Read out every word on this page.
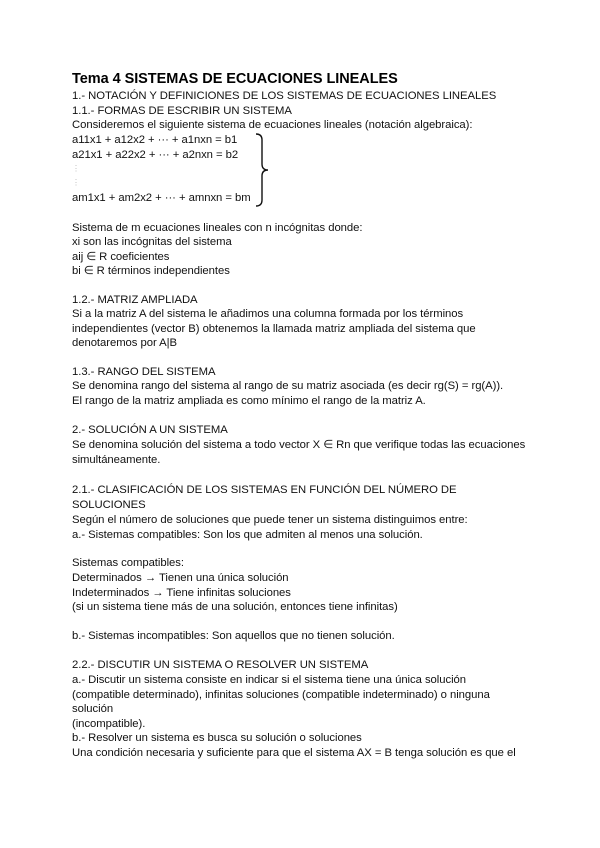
Tema 4 SISTEMAS DE ECUACIONES LINEALES
1.- NOTACIÓN Y DEFINICIONES DE LOS SISTEMAS DE ECUACIONES LINEALES
1.1.- FORMAS DE ESCRIBIR UN SISTEMA
Consideremos el siguiente sistema de ecuaciones lineales (notación algebraica):
a11x1 + a12x2 + ··· + a1nxn = b1
a21x1 + a22x2 + ··· + a2nxn = b2
⋮
⋮
am1x1 + am2x2 + ··· + amnxn = bm
Sistema de m ecuaciones lineales con n incógnitas donde:
xi son las incógnitas del sistema
aij ∈ R coeficientes
bi ∈ R términos independientes
1.2.- MATRIZ AMPLIADA
Si a la matriz A del sistema le añadimos una columna formada por los términos
independientes (vector B) obtenemos la llamada matriz ampliada del sistema que
denotaremos por A|B
1.3.- RANGO DEL SISTEMA
Se denomina rango del sistema al rango de su matriz asociada (es decir rg(S) = rg(A)).
El rango de la matriz ampliada es como mínimo el rango de la matriz A.
2.- SOLUCIÓN A UN SISTEMA
Se denomina solución del sistema a todo vector X ∈ Rn que verifique todas las ecuaciones
simultáneamente.
2.1.- CLASIFICACIÓN DE LOS SISTEMAS EN FUNCIÓN DEL NÚMERO DE
SOLUCIONES
Según el número de soluciones que puede tener un sistema distinguimos entre:
a.- Sistemas compatibles: Son los que admiten al menos una solución.
Sistemas compatibles:
Determinados → Tienen una única solución
Indeterminados → Tiene infinitas soluciones
(si un sistema tiene más de una solución, entonces tiene infinitas)
b.- Sistemas incompatibles: Son aquellos que no tienen solución.
2.2.- DISCUTIR UN SISTEMA O RESOLVER UN SISTEMA
a.- Discutir un sistema consiste en indicar si el sistema tiene una única solución
(compatible determinado), infinitas soluciones (compatible indeterminado) o ninguna
solución
(incompatible).
b.- Resolver un sistema es busca su solución o soluciones
Una condición necesaria y suficiente para que el sistema AX = B tenga solución es que el
